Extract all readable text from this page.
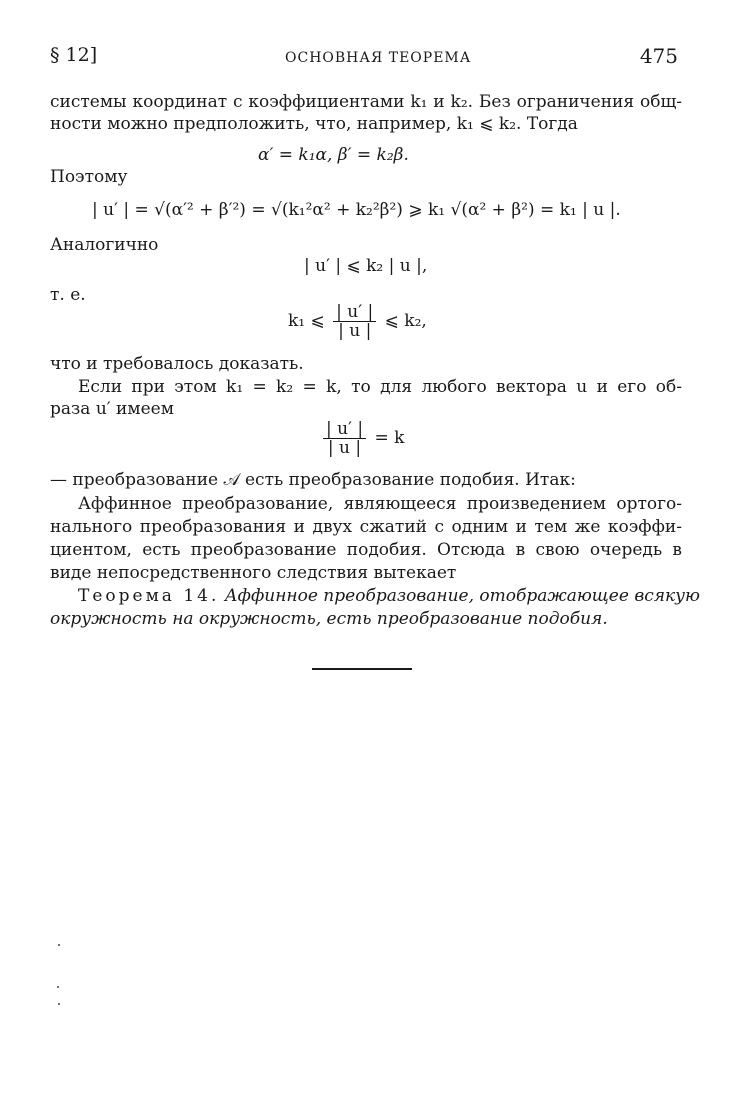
§ 12]	ОСНОВНАЯ ТЕОРЕМА	475
системы координат с коэффициентами k₁ и k₂. Без ограничения общ-
ности можно предположить, что, например, k₁ ⩽ k₂. Тогда
α′ = k₁α, β′ = k₂β.
Поэтому
| u′ | = √(α′² + β′²) = √(k₁²α² + k₂²β²) ⩾ k₁ √(α² + β²) = k₁ | u |.
Аналогично
| u′ | ⩽ k₂ | u |,
т. е.
k₁ ⩽ $\frac{| u' |}{| u |}$ ⩽ k₂,
что и требовалось доказать.
Если при этом k₁ = k₂ = k, то для любого вектора u и его об-
раза u′ имеем
$\frac{| u' |}{| u |} = k$
— преобразование 𝒜 есть преобразование подобия. Итак:
Аффинное преобразование, являющееся произведением ортого-
нального преобразования и двух сжатий с одним и тем же коэффи-
циентом, есть преобразование подобия. Отсюда в свою очередь в
виде непосредственного следствия вытекает
Теорема 14. Аффинное преобразование, отображающее всякую
окружность на окружность, есть преобразование подобия.
